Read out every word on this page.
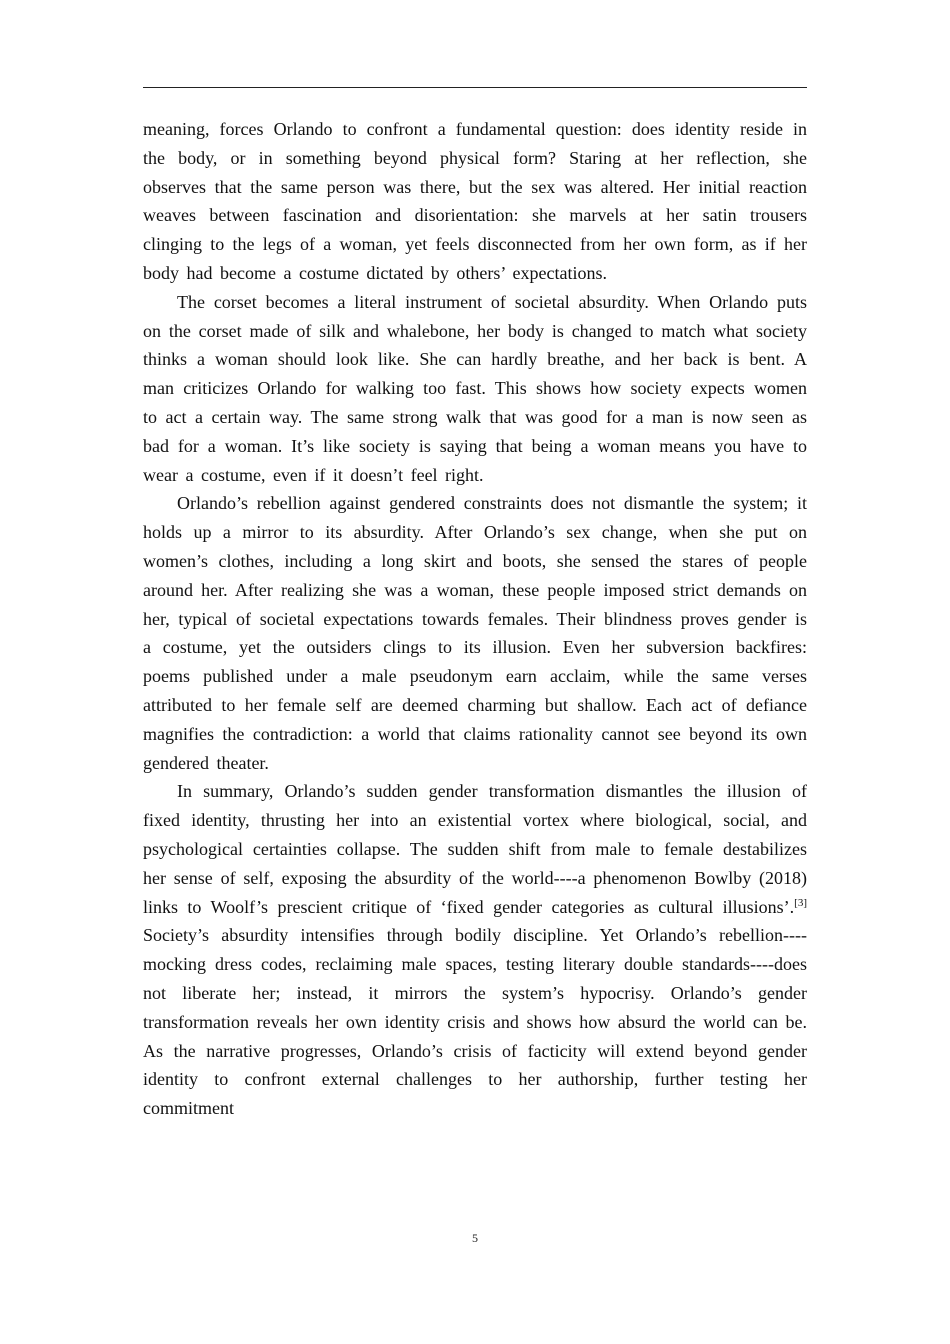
meaning, forces Orlando to confront a fundamental question: does identity reside in the body, or in something beyond physical form? Staring at her reflection, she observes that the same person was there, but the sex was altered. Her initial reaction weaves between fascination and disorientation: she marvels at her satin trousers clinging to the legs of a woman, yet feels disconnected from her own form, as if her body had become a costume dictated by others’ expectations.

The corset becomes a literal instrument of societal absurdity. When Orlando puts on the corset made of silk and whalebone, her body is changed to match what society thinks a woman should look like. She can hardly breathe, and her back is bent. A man criticizes Orlando for walking too fast. This shows how society expects women to act a certain way. The same strong walk that was good for a man is now seen as bad for a woman. It’s like society is saying that being a woman means you have to wear a costume, even if it doesn’t feel right.

Orlando’s rebellion against gendered constraints does not dismantle the system; it holds up a mirror to its absurdity. After Orlando’s sex change, when she put on women’s clothes, including a long skirt and boots, she sensed the stares of people around her. After realizing she was a woman, these people imposed strict demands on her, typical of societal expectations towards females. Their blindness proves gender is a costume, yet the outsiders clings to its illusion. Even her subversion backfires: poems published under a male pseudonym earn acclaim, while the same verses attributed to her female self are deemed charming but shallow. Each act of defiance magnifies the contradiction: a world that claims rationality cannot see beyond its own gendered theater.

In summary, Orlando’s sudden gender transformation dismantles the illusion of fixed identity, thrusting her into an existential vortex where biological, social, and psychological certainties collapse. The sudden shift from male to female destabilizes her sense of self, exposing the absurdity of the world----a phenomenon Bowlby (2018) links to Woolf’s prescient critique of ‘fixed gender categories as cultural illusions’.[3] Society’s absurdity intensifies through bodily discipline. Yet Orlando’s rebellion----mocking dress codes, reclaiming male spaces, testing literary double standards----does not liberate her; instead, it mirrors the system’s hypocrisy. Orlando’s gender transformation reveals her own identity crisis and shows how absurd the world can be. As the narrative progresses, Orlando’s crisis of facticity will extend beyond gender identity to confront external challenges to her authorship, further testing her commitment

5
